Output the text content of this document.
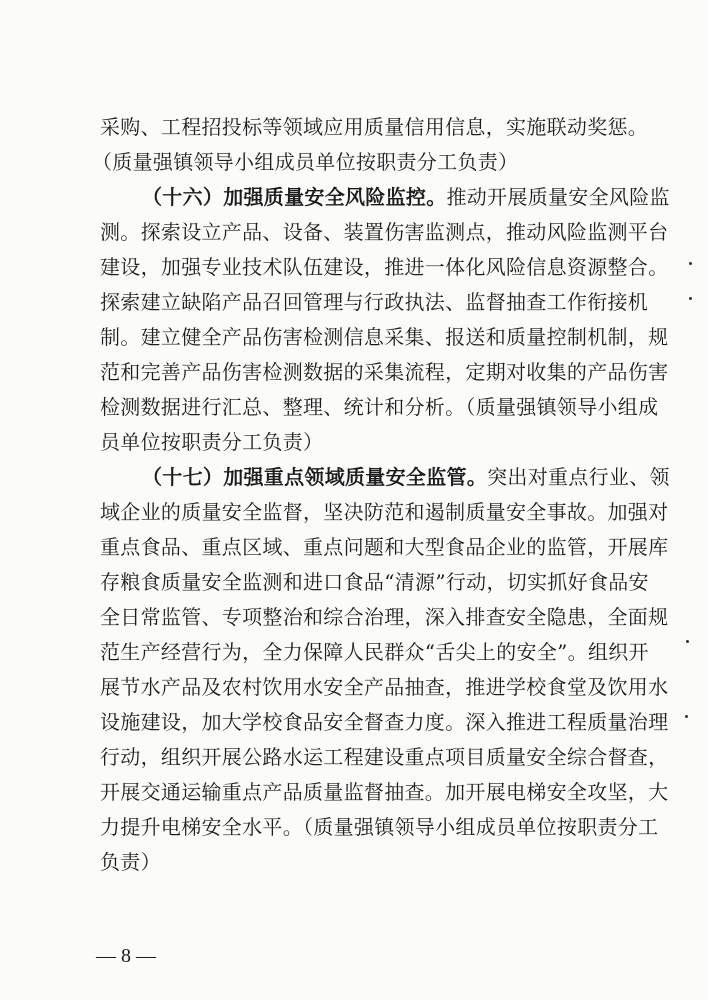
采购、工程招投标等领域应用质量信用信息，实施联动奖惩。
（质量强镇领导小组成员单位按职责分工负责）
（十六）加强质量安全风险监控。推动开展质量安全风险监
测。探索设立产品、设备、装置伤害监测点，推动风险监测平台
建设，加强专业技术队伍建设，推进一体化风险信息资源整合。
探索建立缺陷产品召回管理与行政执法、监督抽查工作衔接机
制。建立健全产品伤害检测信息采集、报送和质量控制机制，规
范和完善产品伤害检测数据的采集流程，定期对收集的产品伤害
检测数据进行汇总、整理、统计和分析。（质量强镇领导小组成
员单位按职责分工负责）
（十七）加强重点领域质量安全监管。突出对重点行业、领
域企业的质量安全监督，坚决防范和遏制质量安全事故。加强对
重点食品、重点区域、重点问题和大型食品企业的监管，开展库
存粮食质量安全监测和进口食品“清源”行动，切实抓好食品安
全日常监管、专项整治和综合治理，深入排查安全隐患，全面规
范生产经营行为，全力保障人民群众“舌尖上的安全”。组织开
展节水产品及农村饮用水安全产品抽查，推进学校食堂及饮用水
设施建设，加大学校食品安全督查力度。深入推进工程质量治理
行动，组织开展公路水运工程建设重点项目质量安全综合督查，
开展交通运输重点产品质量监督抽查。加开展电梯安全攻坚，大
力提升电梯安全水平。（质量强镇领导小组成员单位按职责分工
负责）
— 8 —
